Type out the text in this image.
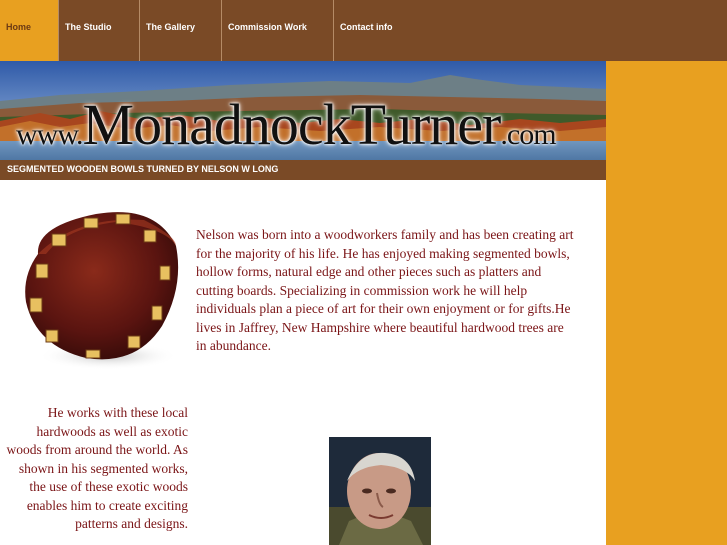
Home	The Studio	The Gallery	Commission Work	Contact info
www.MonadnockTurner.com
SEGMENTED WOODEN BOWLS TURNED BY NELSON W LONG

Nelson was born into a woodworkers family and has been creating art for the majority of his life. He has enjoyed making segmented bowls, hollow forms, natural edge and other pieces such as platters and cutting boards. Specializing in commission work he will help individuals plan a piece of art for their own enjoyment or for gifts.He lives in Jaffrey, New Hampshire where beautiful hardwood trees are in abundance.

He works with these local hardwoods as well as exotic woods from around the world. As shown in his segmented works, the use of these exotic woods enables him to create exciting patterns and designs.
